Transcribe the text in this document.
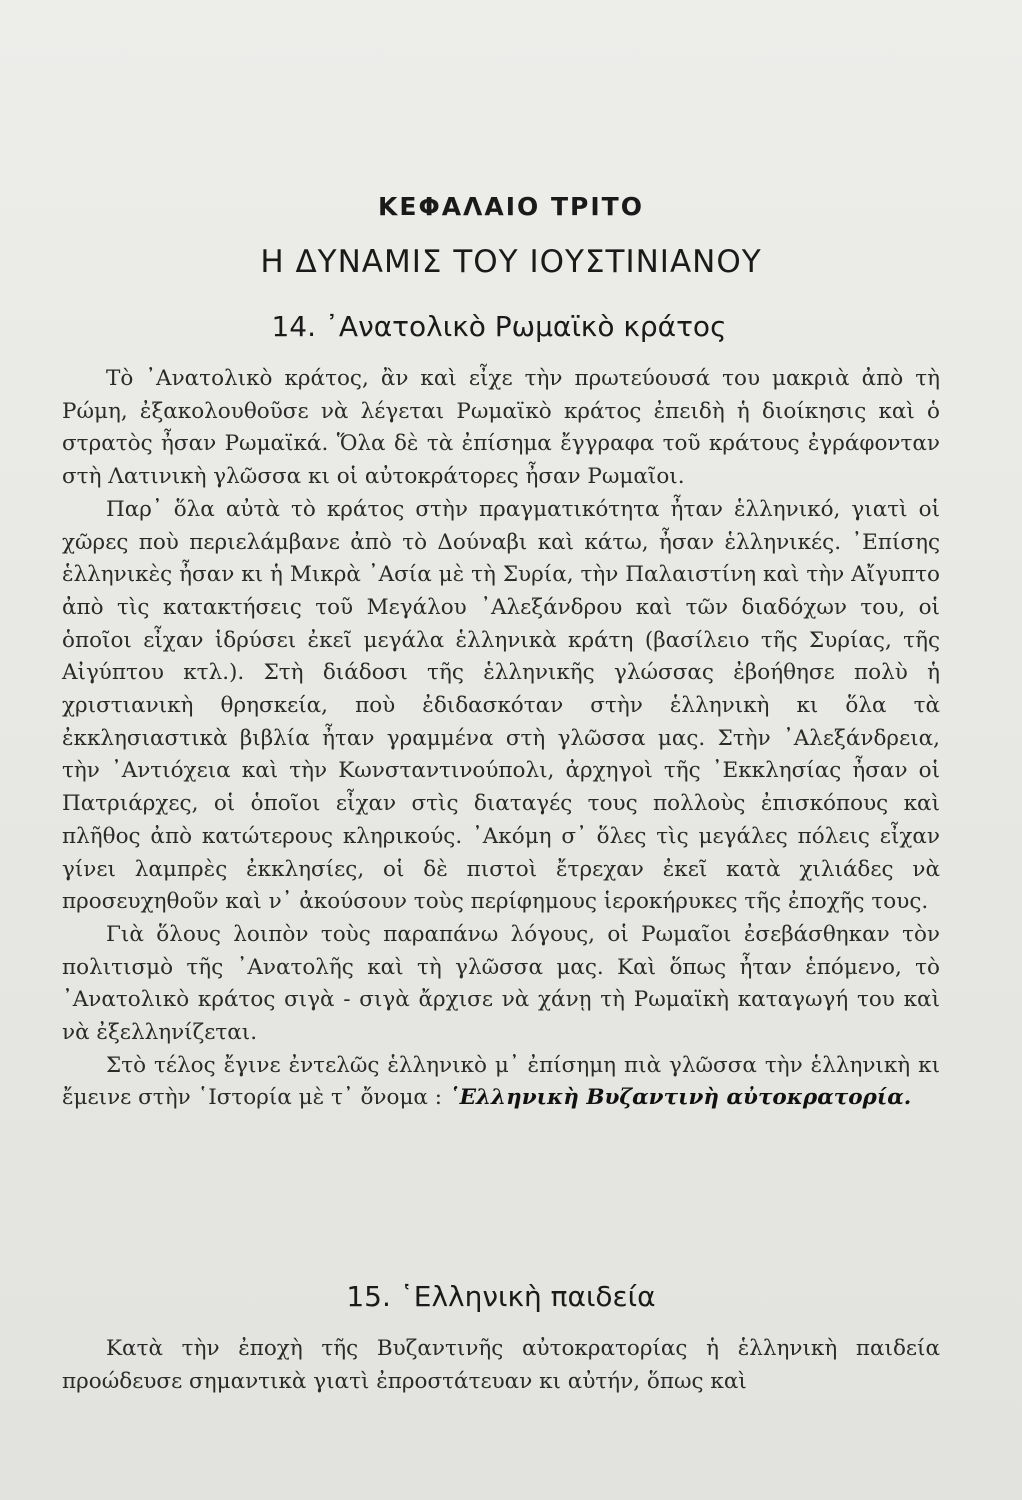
ΚΕΦΑΛΑΙΟ ΤΡΙΤΟ
Η ΔΥΝΑΜΙΣ ΤΟΥ ΙΟΥΣΤΙΝΙΑΝΟΥ
14. ᾿Ανατολικὸ Ρωμαϊκὸ κράτος

Τὸ ᾿Ανατολικὸ κράτος, ἂν καὶ εἶχε τὴν πρωτεύουσά του μακριὰ ἀπὸ τὴ Ρώμη, ἐξακολουθοῦσε νὰ λέγεται Ρωμαϊκὸ κράτος ἐπειδὴ ἡ διοίκησις καὶ ὁ στρατὸς ἦσαν Ρωμαϊκά. Ὅλα δὲ τὰ ἐπίσημα ἔγγραφα τοῦ κράτους ἐγράφονταν στὴ Λατινικὴ γλῶσσα κι οἱ αὐτοκράτορες ἦσαν Ρωμαῖοι.

Παρ᾿ ὅλα αὐτὰ τὸ κράτος στὴν πραγματικότητα ἦταν ἑλληνικό, γιατὶ οἱ χῶρες ποὺ περιελάμβανε ἀπὸ τὸ Δούναβι καὶ κάτω, ἦσαν ἑλληνικές. ᾿Επίσης ἑλληνικὲς ἦσαν κι ἡ Μικρὰ ᾿Ασία μὲ τὴ Συρία, τὴν Παλαιστίνη καὶ τὴν Αἴγυπτο ἀπὸ τὶς κατακτήσεις τοῦ Μεγάλου ᾿Αλεξάνδρου καὶ τῶν διαδόχων του, οἱ ὁποῖοι εἶχαν ἱδρύσει ἐκεῖ μεγάλα ἑλληνικὰ κράτη (βασίλειο τῆς Συρίας, τῆς Αἰγύπτου κτλ.). Στὴ διάδοσι τῆς ἑλληνικῆς γλώσσας ἐβοήθησε πολὺ ἡ χριστιανικὴ θρησκεία, ποὺ ἐδιδασκόταν στὴν ἑλληνικὴ κι ὅλα τὰ ἐκκλησιαστικὰ βιβλία ἦταν γραμμένα στὴ γλῶσσα μας. Στὴν ᾿Αλεξάνδρεια, τὴν ᾿Αντιόχεια καὶ τὴν Κωνσταντινούπολι, ἀρχηγοὶ τῆς ᾿Εκκλησίας ἦσαν οἱ Πατριάρχες, οἱ ὁποῖοι εἶχαν στὶς διαταγές τους πολλοὺς ἐπισκόπους καὶ πλῆθος ἀπὸ κατώτερους κληρικούς. ᾿Ακόμη σ᾿ ὅλες τὶς μεγάλες πόλεις εἶχαν γίνει λαμπρὲς ἐκκλησίες, οἱ δὲ πιστοὶ ἔτρεχαν ἐκεῖ κατὰ χιλιάδες νὰ προσευχηθοῦν καὶ ν᾿ ἀκούσουν τοὺς περίφημους ἱεροκήρυκες τῆς ἐποχῆς τους.

Γιὰ ὅλους λοιπὸν τοὺς παραπάνω λόγους, οἱ Ρωμαῖοι ἐσεβάσθηκαν τὸν πολιτισμὸ τῆς ᾿Ανατολῆς καὶ τὴ γλῶσσα μας. Καὶ ὅπως ἦταν ἑπόμενο, τὸ ᾿Ανατολικὸ κράτος σιγὰ - σιγὰ ἄρχισε νὰ χάνῃ τὴ Ρωμαϊκὴ καταγωγή του καὶ νὰ ἐξελληνίζεται.

Στὸ τέλος ἔγινε ἐντελῶς ἑλληνικὸ μ᾿ ἐπίσημη πιὰ γλῶσσα τὴν ἑλληνικὴ κι ἔμεινε στὴν ῾Ιστορία μὲ τ᾿ ὄνομα : ῾Ελληνικὴ Βυζαντινὴ αὐτοκρατορία.

15. ῾Ελληνικὴ παιδεία

Κατὰ τὴν ἐποχὴ τῆς Βυζαντινῆς αὐτοκρατορίας ἡ ἑλληνικὴ παιδεία προώδευσε σημαντικὰ γιατὶ ἐπροστάτευαν κι αὐτήν, ὅπως καὶ
